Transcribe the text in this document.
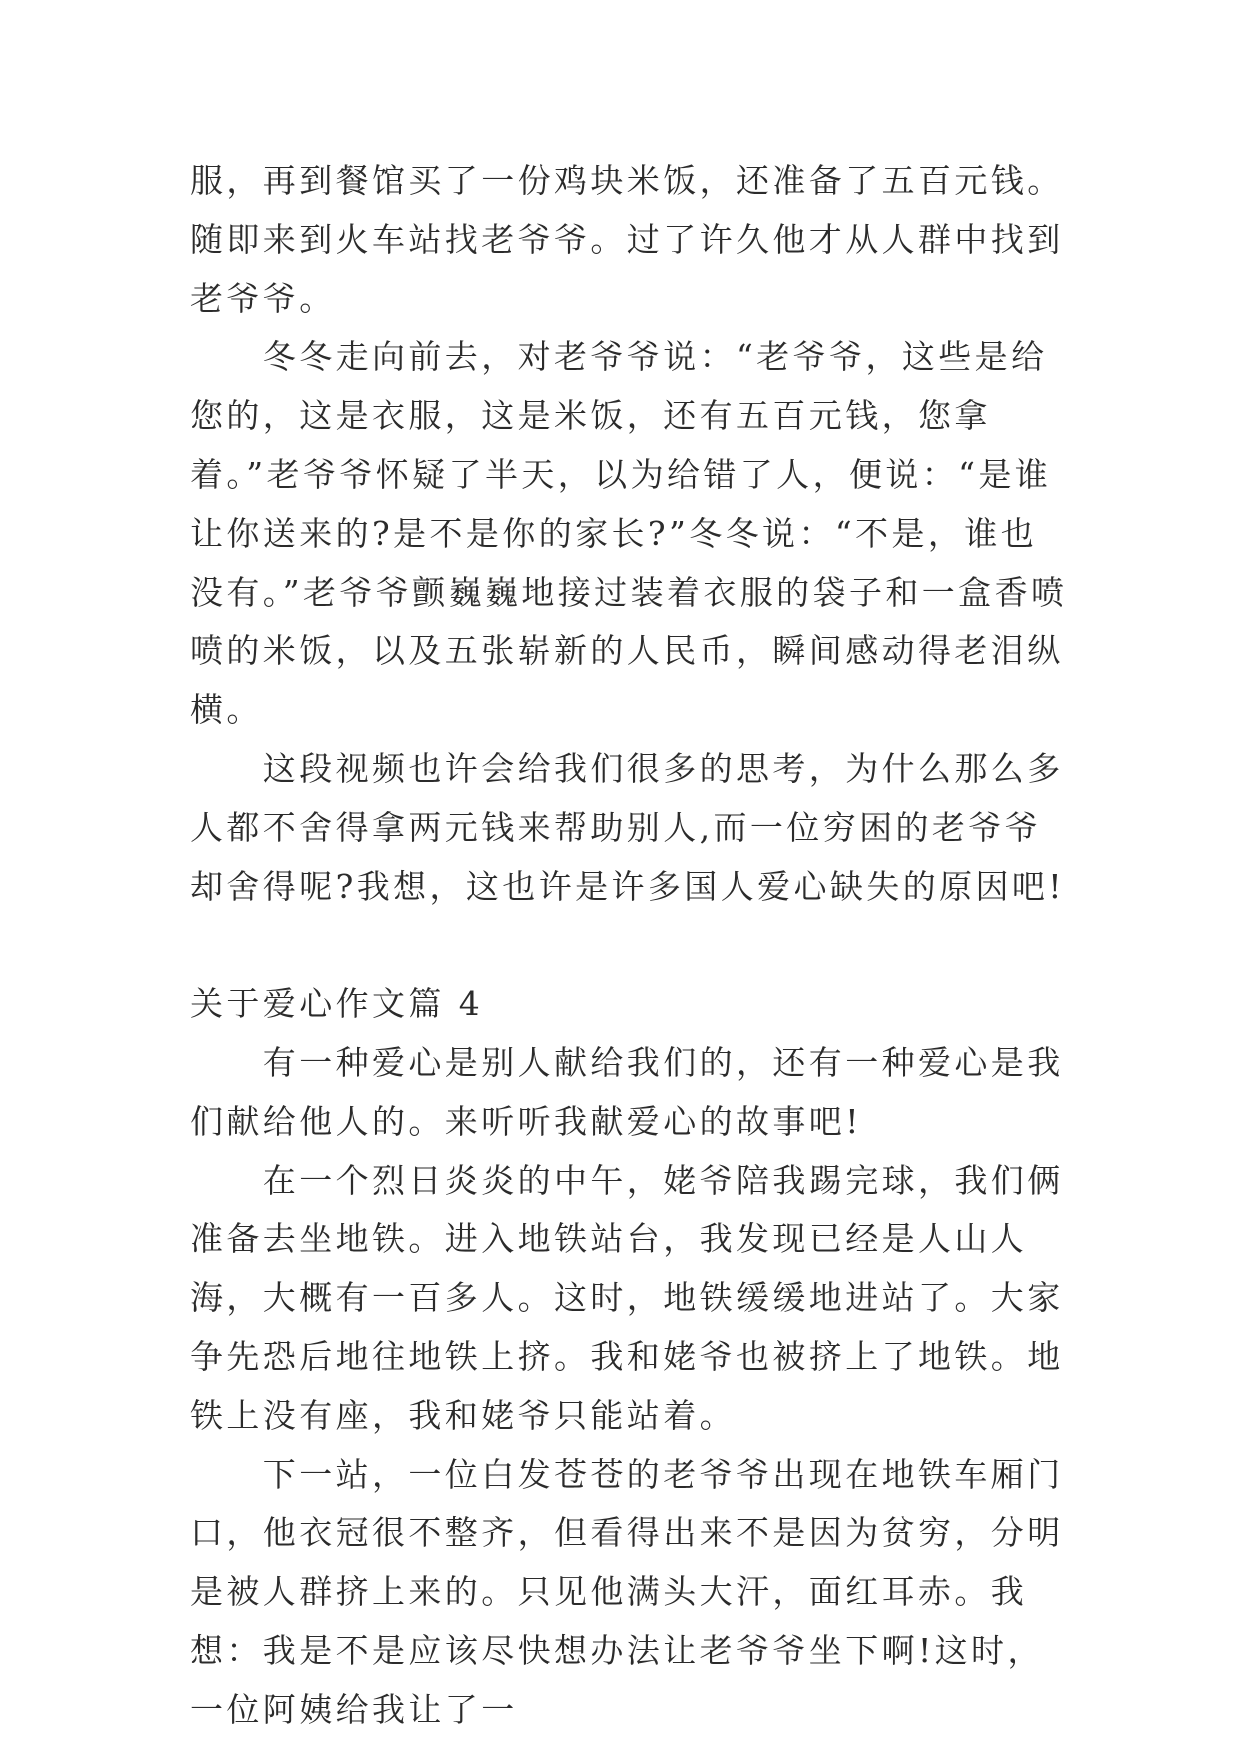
服，再到餐馆买了一份鸡块米饭，还准备了五百元钱。随即来到火车站找老爷爷。过了许久他才从人群中找到老爷爷。

　　冬冬走向前去，对老爷爷说：“老爷爷，这些是给您的，这是衣服，这是米饭，还有五百元钱，您拿着。”老爷爷怀疑了半天，以为给错了人，便说：“是谁让你送来的?是不是你的家长?”冬冬说：“不是，谁也没有。”老爷爷颤巍巍地接过装着衣服的袋子和一盒香喷喷的米饭，以及五张崭新的人民币，瞬间感动得老泪纵横。

　　这段视频也许会给我们很多的思考，为什么那么多人都不舍得拿两元钱来帮助别人,而一位穷困的老爷爷却舍得呢?我想，这也许是许多国人爱心缺失的原因吧!

关于爱心作文篇 4

　　有一种爱心是别人献给我们的，还有一种爱心是我们献给他人的。来听听我献爱心的故事吧!

　　在一个烈日炎炎的中午，姥爷陪我踢完球，我们俩准备去坐地铁。进入地铁站台，我发现已经是人山人海，大概有一百多人。这时，地铁缓缓地进站了。大家争先恐后地往地铁上挤。我和姥爷也被挤上了地铁。地铁上没有座，我和姥爷只能站着。

　　下一站，一位白发苍苍的老爷爷出现在地铁车厢门口，他衣冠很不整齐，但看得出来不是因为贫穷，分明是被人群挤上来的。只见他满头大汗，面红耳赤。我想：我是不是应该尽快想办法让老爷爷坐下啊!这时，一位阿姨给我让了一
